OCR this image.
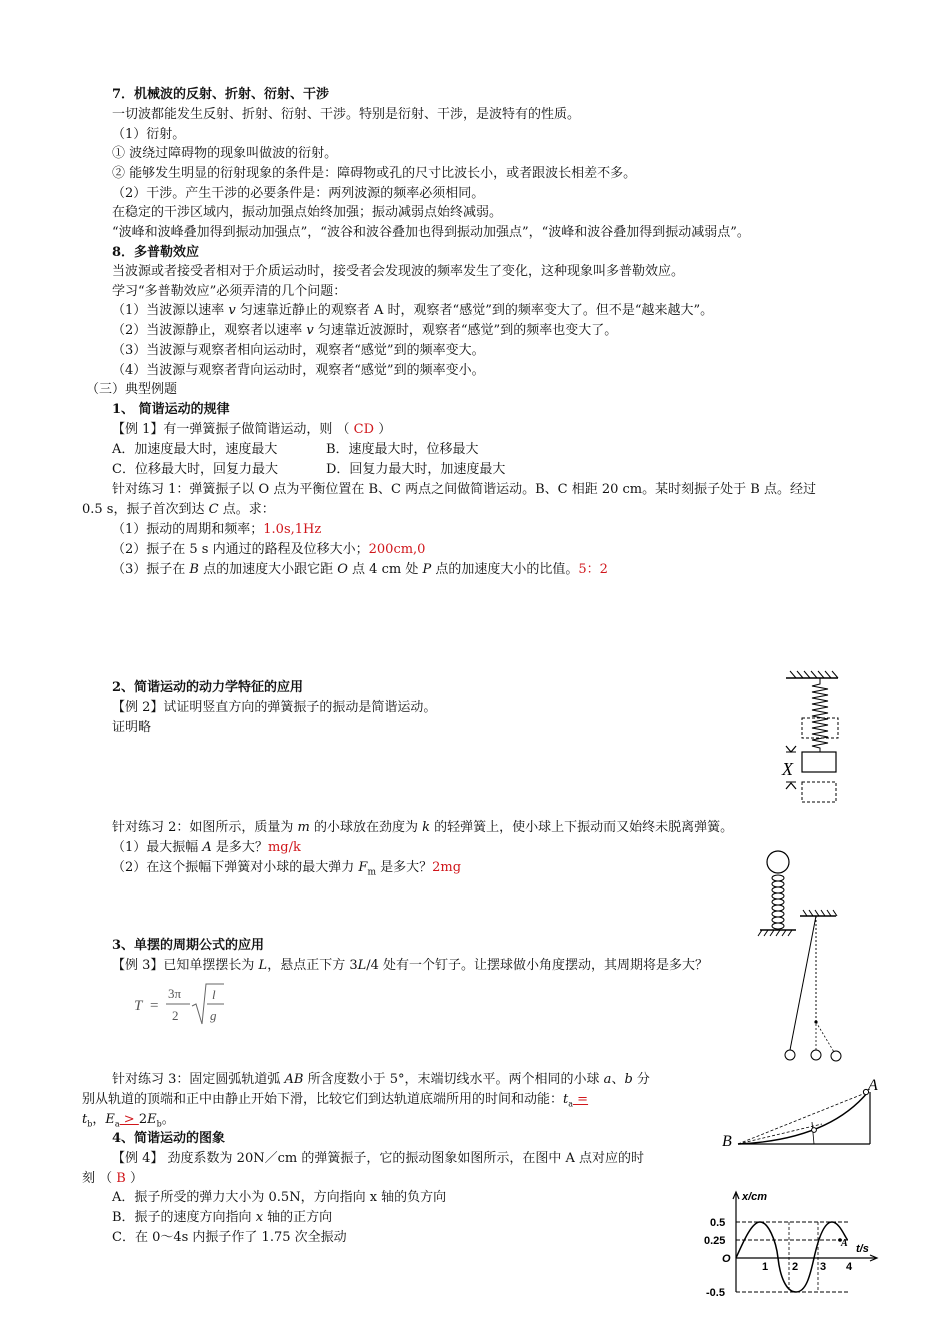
7．机械波的反射、折射、衍射、干涉
一切波都能发生反射、折射、衍射、干涉。特别是衍射、干涉，是波特有的性质。
（1）衍射。
① 波绕过障碍物的现象叫做波的衍射。
② 能够发生明显的衍射现象的条件是：障碍物或孔的尺寸比波长小，或者跟波长相差不多。
（2）干涉。产生干涉的必要条件是：两列波源的频率必须相同。
在稳定的干涉区域内，振动加强点始终加强；振动减弱点始终减弱。
“波峰和波峰叠加得到振动加强点”，“波谷和波谷叠加也得到振动加强点”，“波峰和波谷叠加得到振动减弱点”。
8．多普勒效应
当波源或者接受者相对于介质运动时，接受者会发现波的频率发生了变化，这种现象叫多普勒效应。
学习“多普勒效应”必须弄清的几个问题：
（1）当波源以速率 v 匀速靠近静止的观察者 A 时，观察者“感觉”到的频率变大了。但不是“越来越大”。
（2）当波源静止，观察者以速率 v 匀速靠近波源时，观察者“感觉”到的频率也变大了。
（3）当波源与观察者相向运动时，观察者“感觉”到的频率变大。
（4）当波源与观察者背向运动时，观察者“感觉”到的频率变小。
（三）典型例题
1、 简谐运动的规律
【例 1】有一弹簧振子做简谐运动，则 （ CD ）
A．加速度最大时，速度最大	B．速度最大时，位移最大
C．位移最大时，回复力最大	D．回复力最大时，加速度最大
针对练习 1：弹簧振子以 O 点为平衡位置在 B、C 两点之间做简谐运动。B、C 相距 20 cm。某时刻振子处于 B 点。经过
0.5 s，振子首次到达 C 点。求：
（1）振动的周期和频率；1.0s,1Hz
（2）振子在 5 s 内通过的路程及位移大小；200cm,0
（3）振子在 B 点的加速度大小跟它距 O 点 4 cm 处 P 点的加速度大小的比值。5：2
2、简谐运动的动力学特征的应用
【例 2】试证明竖直方向的弹簧振子的振动是简谐运动。
证明略
针对练习 2：如图所示，质量为 m 的小球放在劲度为 k 的轻弹簧上，使小球上下振动而又始终未脱离弹簧。
（1）最大振幅 A 是多大？mg/k
（2）在这个振幅下弹簧对小球的最大弹力 $F_m$ 是多大？2mg
3、单摆的周期公式的应用
【例 3】已知单摆摆长为 L，悬点正下方 3L/4 处有一个钉子。让摆球做小角度摆动，其周期将是多大？
T =
3π
2
l
g
针对练习 3：固定圆弧轨道弧 AB 所含度数小于 5°，末端切线水平。两个相同的小球 a、b 分
别从轨道的顶端和正中由静止开始下滑，比较它们到达轨道底端所用的时间和动能：$t_a$ =
$t_b$，$E_a > 2E_b$。
4、简谐运动的图象
【例 4】 劲度系数为 20N／cm 的弹簧振子，它的振动图象如图所示，在图中 A 点对应的时
刻 （ B ）
A．振子所受的弹力大小为 0.5N，方向指向 x 轴的负方向
B．振子的速度方向指向 x 轴的正方向
C．在 0～4s 内振子作了 1.75 次全振动
X
A
B
x/cm
t/s
A
0.5
0.25
O
-0.5
1 2 3 4
